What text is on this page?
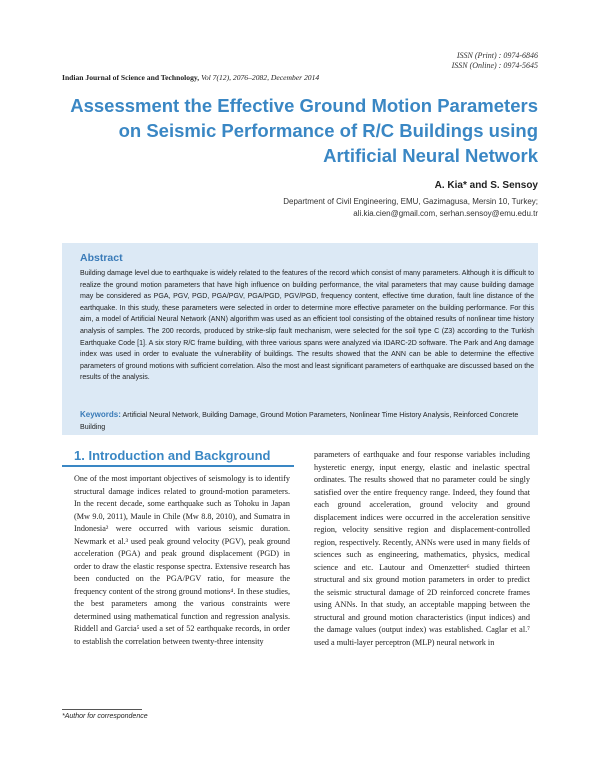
ISSN (Print) : 0974-6846
ISSN (Online) : 0974-5645
Indian Journal of Science and Technology, Vol 7(12), 2076–2082, December 2014
Assessment the Effective Ground Motion Parameters on Seismic Performance of R/C Buildings using Artificial Neural Network
A. Kia* and S. Sensoy
Department of Civil Engineering, EMU, Gazimagusa, Mersin 10, Turkey;
ali.kia.cien@gmail.com, serhan.sensoy@emu.edu.tr
Abstract
Building damage level due to earthquake is widely related to the features of the record which consist of many parameters. Although it is difficult to realize the ground motion parameters that have high influence on building performance, the vital parameters that may cause building damage may be considered as PGA, PGV, PGD, PGA/PGV, PGA/PGD, PGV/PGD, frequency content, effective time duration, fault line distance of the earthquake. In this study, these parameters were selected in order to determine more effective parameter on the building performance. For this aim, a model of Artificial Neural Network (ANN) algorithm was used as an efficient tool consisting of the obtained results of nonlinear time history analysis of samples. The 200 records, produced by strike-slip fault mechanism, were selected for the soil type C (Z3) according to the Turkish Earthquake Code [1]. A six story R/C frame building, with three various spans were analyzed via IDARC-2D software. The Park and Ang damage index was used in order to evaluate the vulnerability of buildings. The results showed that the ANN can be able to determine the effective parameters of ground motions with sufficient correlation. Also the most and least significant parameters of earthquake are discussed based on the results of the analysis.
Keywords: Artificial Neural Network, Building Damage, Ground Motion Parameters, Nonlinear Time History Analysis, Reinforced Concrete Building
1. Introduction and Background
One of the most important objectives of seismology is to identify structural damage indices related to ground-motion parameters. In the recent decade, some earthquake such as Tohoku in Japan (Mw 9.0, 2011), Maule in Chile (Mw 8.8, 2010), and Sumatra in Indonesia² were occurred with various seismic duration. Newmark et al.³ used peak ground velocity (PGV), peak ground acceleration (PGA) and peak ground displacement (PGD) in order to draw the elastic response spectra. Extensive research has been conducted on the PGA/PGV ratio, for measure the frequency content of the strong ground motions⁴. In these studies, the best parameters among the various constraints were determined using mathematical function and regression analysis. Riddell and Garcia⁵ used a set of 52 earthquake records, in order to establish the correlation between twenty-three intensity
parameters of earthquake and four response variables including hysteretic energy, input energy, elastic and inelastic spectral ordinates. The results showed that no parameter could be singly satisfied over the entire frequency range. Indeed, they found that each ground acceleration, ground velocity and ground displacement indices were occurred in the acceleration sensitive region, velocity sensitive region and displacement-controlled region, respectively. Recently, ANNs were used in many fields of sciences such as engineering, mathematics, physics, medical science and etc. Lautour and Omenzetter⁶ studied thirteen structural and six ground motion parameters in order to predict the seismic structural damage of 2D reinforced concrete frames using ANNs. In that study, an acceptable mapping between the structural and ground motion characteristics (input indices) and the damage values (output index) was established. Caglar et al.⁷ used a multi-layer perceptron (MLP) neural network in
*Author for correspondence
